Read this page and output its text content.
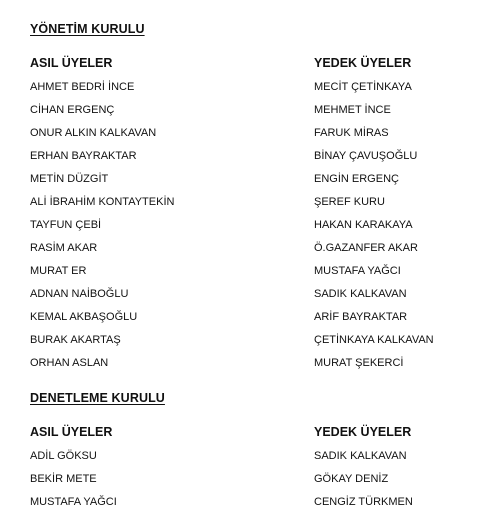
YÖNETİM KURULU
ASIL ÜYELER	YEDEK ÜYELER
AHMET BEDRİ İNCE
CİHAN ERGENÇ
ONUR ALKIN KALKAVAN
ERHAN BAYRAKTAR
METİN DÜZGİT
ALİ İBRAHİM KONTAYTEKİN
TAYFUN ÇEBİ
RASİM AKAR
MURAT ER
ADNAN NAİBOĞLU
KEMAL AKBAŞOĞLU
BURAK AKARTAŞ
ORHAN ASLAN
MECİT ÇETİNKAYA
MEHMET İNCE
FARUK MİRAS
BİNAY ÇAVUŞOĞLU
ENGİN ERGENÇ
ŞEREF KURU
HAKAN KARAKAYA
Ö.GAZANFER AKAR
MUSTAFA YAĞCI
SADIK KALKAVAN
ARİF BAYRAKTAR
ÇETİNKAYA KALKAVAN
MURAT ŞEKERCİ
DENETLEME KURULU
ASIL ÜYELER	YEDEK ÜYELER
ADİL GÖKSU
BEKİR METE
MUSTAFA YAĞCI
SADIK KALKAVAN
GÖKAY DENİZ
CENGİZ TÜRKMEN
